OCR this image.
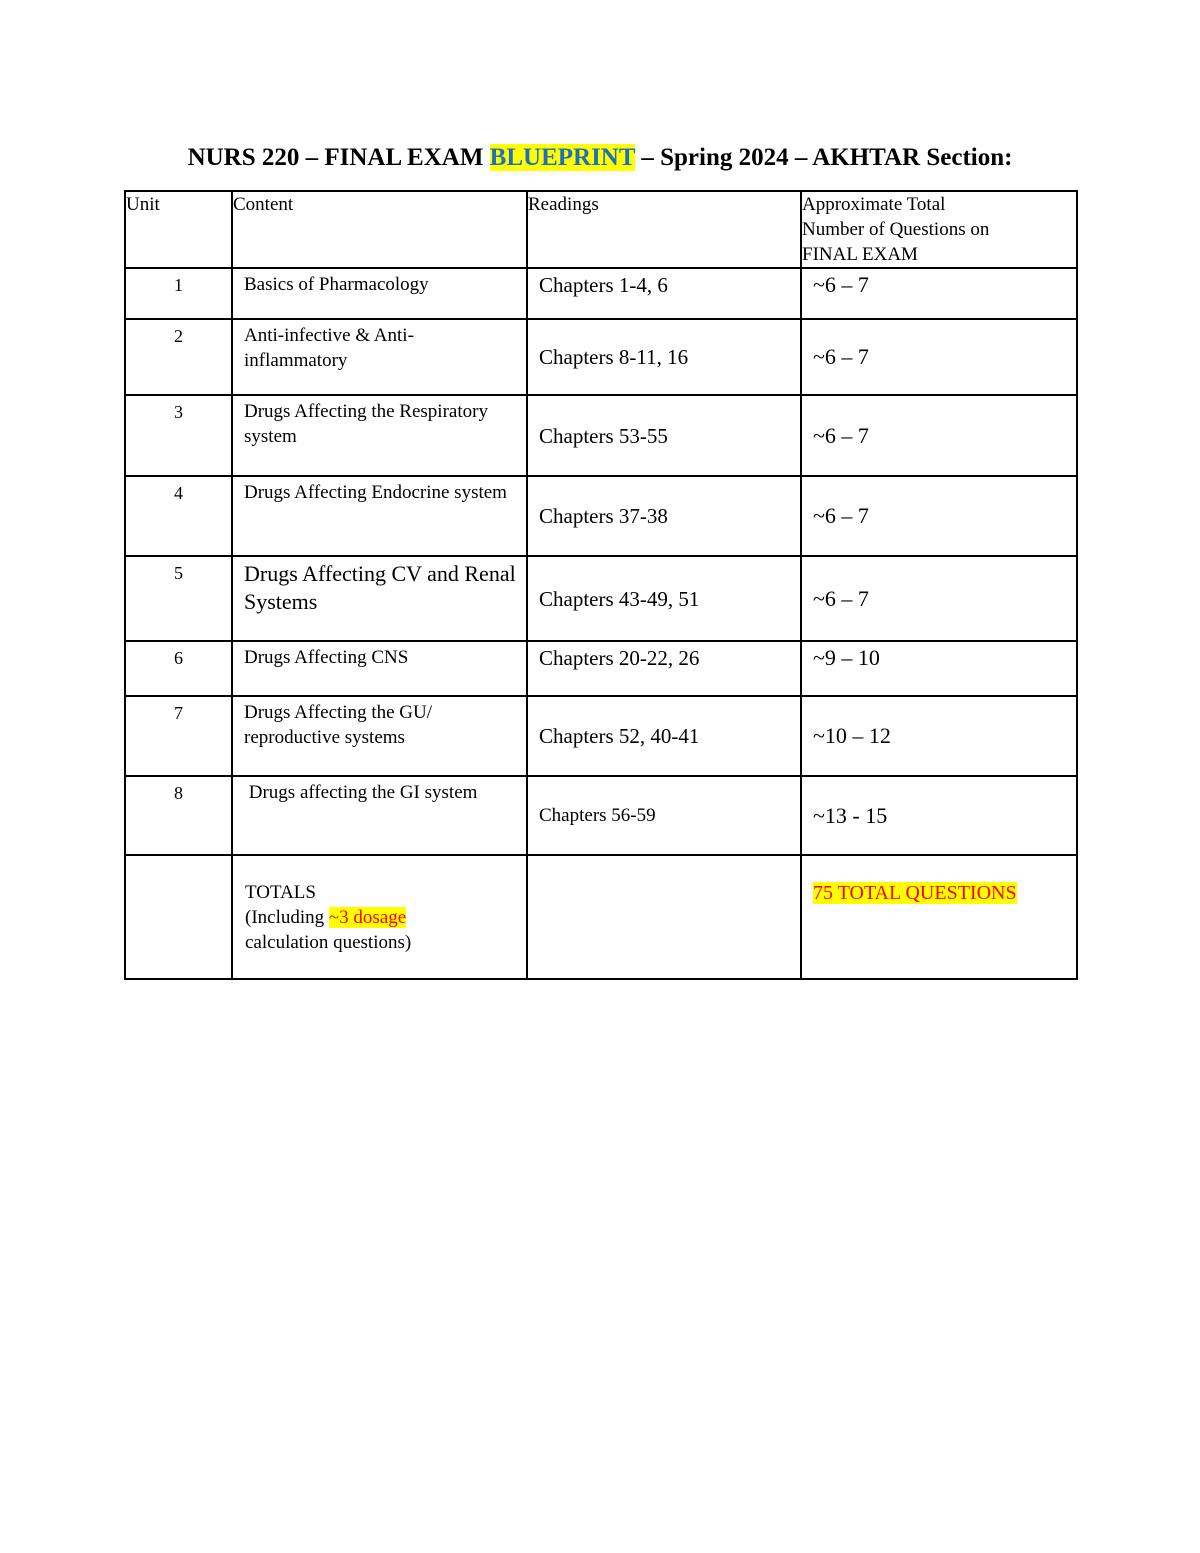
NURS 220 – FINAL EXAM BLUEPRINT – Spring 2024 – AKHTAR Section:
Unit	Content	Readings	Approximate Total
Number of Questions on
FINAL EXAM

1	Basics of Pharmacology	Chapters 1-4, 6	~6 – 7
2	Anti-infective & Anti-inflammatory	Chapters 8-11, 16	~6 – 7
3	Drugs Affecting the Respiratory system	Chapters 53-55	~6 – 7
4	Drugs Affecting Endocrine system	Chapters 37-38	~6 – 7
5	Drugs Affecting CV and Renal Systems	Chapters 43-49, 51	~6 – 7
6	Drugs Affecting CNS	Chapters 20-22, 26	~9 – 10
7	Drugs Affecting the GU/ reproductive systems	Chapters 52, 40-41	~10 – 12
8	Drugs affecting the GI system	Chapters 56-59	~13 - 15

	TOTALS
(Including ~3 dosage
calculation questions)		75 TOTAL QUESTIONS
